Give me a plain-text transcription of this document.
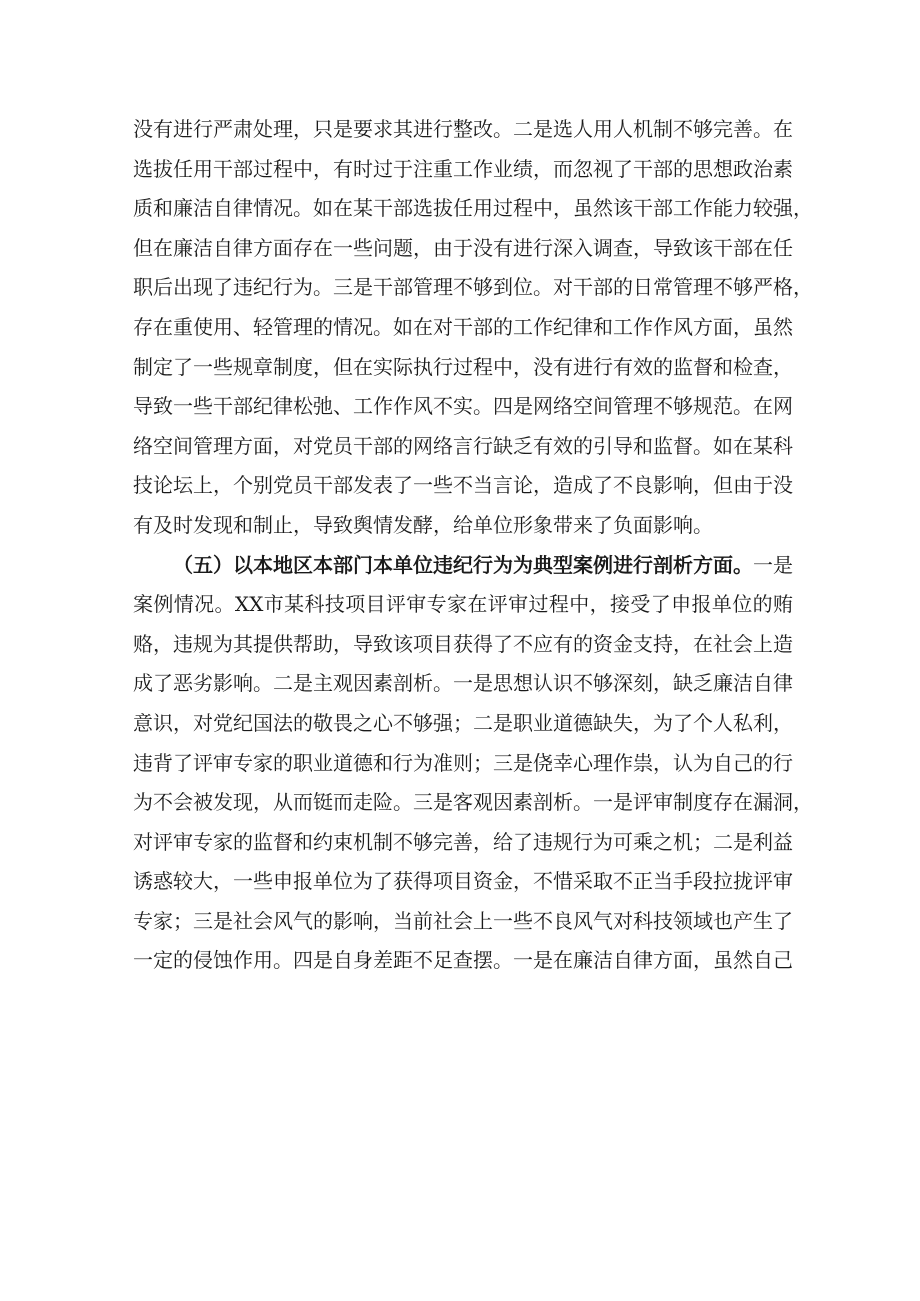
没有进行严肃处理，只是要求其进行整改。二是选人用人机制不够完善。在
选拔任用干部过程中，有时过于注重工作业绩，而忽视了干部的思想政治素
质和廉洁自律情况。如在某干部选拔任用过程中，虽然该干部工作能力较强，
但在廉洁自律方面存在一些问题，由于没有进行深入调查，导致该干部在任
职后出现了违纪行为。三是干部管理不够到位。对干部的日常管理不够严格，
存在重使用、轻管理的情况。如在对干部的工作纪律和工作作风方面，虽然
制定了一些规章制度，但在实际执行过程中，没有进行有效的监督和检查，
导致一些干部纪律松弛、工作作风不实。四是网络空间管理不够规范。在网
络空间管理方面，对党员干部的网络言行缺乏有效的引导和监督。如在某科
技论坛上，个别党员干部发表了一些不当言论，造成了不良影响，但由于没
有及时发现和制止，导致舆情发酵，给单位形象带来了负面影响。
（五）以本地区本部门本单位违纪行为为典型案例进行剖析方面。一是
案例情况。XX市某科技项目评审专家在评审过程中，接受了申报单位的贿
赂，违规为其提供帮助，导致该项目获得了不应有的资金支持，在社会上造
成了恶劣影响。二是主观因素剖析。一是思想认识不够深刻，缺乏廉洁自律
意识，对党纪国法的敬畏之心不够强；二是职业道德缺失，为了个人私利，
违背了评审专家的职业道德和行为准则；三是侥幸心理作祟，认为自己的行
为不会被发现，从而铤而走险。三是客观因素剖析。一是评审制度存在漏洞，
对评审专家的监督和约束机制不够完善，给了违规行为可乘之机；二是利益
诱惑较大，一些申报单位为了获得项目资金，不惜采取不正当手段拉拢评审
专家；三是社会风气的影响，当前社会上一些不良风气对科技领域也产生了
一定的侵蚀作用。四是自身差距不足查摆。一是在廉洁自律方面，虽然自己
